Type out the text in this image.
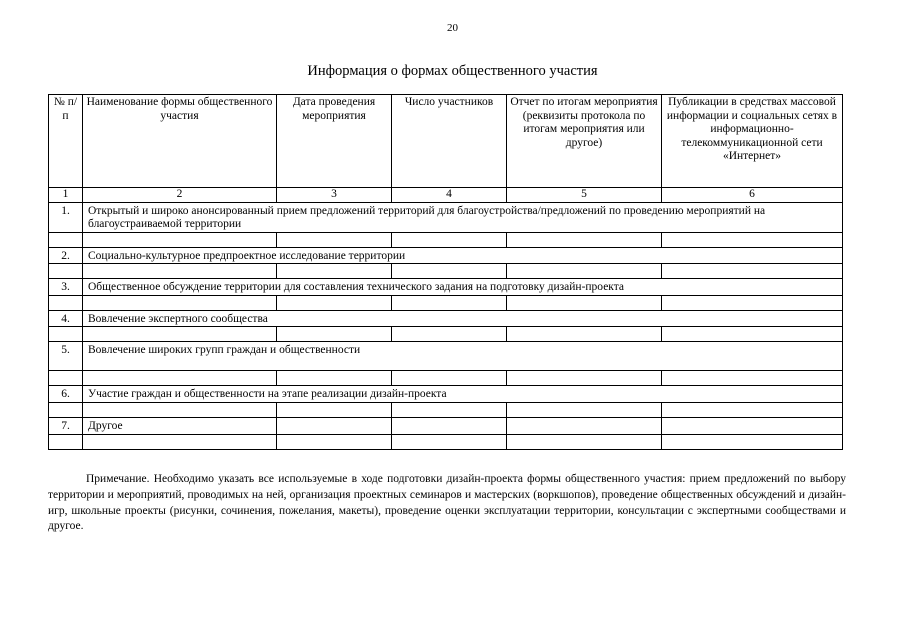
20
Информация о формах общественного участия
№ п/п	Наименование формы общественного участия	Дата проведения мероприятия	Число участников	Отчет по итогам мероприятия (реквизиты протокола по итогам мероприятия или другое)	Публикации в средствах массовой информации и социальных сетях в информационно-телекоммуникационной сети «Интернет»
1	2	3	4	5	6
1.	Открытый и широко анонсированный прием предложений территорий для благоустройства/предложений по проведению мероприятий на благоустраиваемой территории				

2.	Социально-культурное предпроектное исследование территории				

3.	Общественное обсуждение территории для составления технического задания на подготовку дизайн-проекта				

4.	Вовлечение экспертного сообщества				

5.	Вовлечение широких групп граждан и общественности				

6.	Участие граждан и общественности на этапе реализации дизайн-проекта				

7.	Другое				

Примечание. Необходимо указать все используемые в ходе подготовки дизайн-проекта формы общественного участия: прием предложений по выбору территории и мероприятий, проводимых на ней, организация проектных семинаров и мастерских (воркшопов), проведение общественных обсуждений и дизайн-игр, школьные проекты (рисунки, сочинения, пожелания, макеты), проведение оценки эксплуатации территории, консультации с экспертными сообществами и другое.
